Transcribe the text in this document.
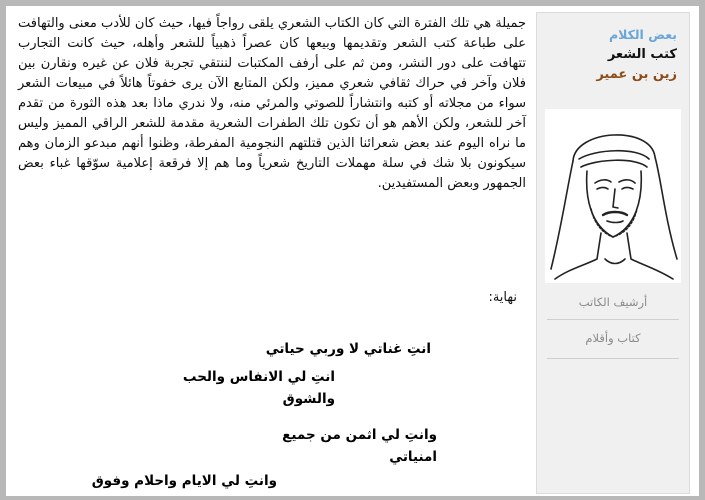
جميلة هي تلك الفترة التي كان الكتاب الشعري يلقى رواجاً فيها، حيث كان للأدب معنى والتهافت على طباعة كتب الشعر وتقديمها وبيعها كان عصراً ذهبياً للشعر وأهله، حيث كانت التجارب تتهافت على دور النشر، ومن ثم على أرفف المكتبات لننتقي تجربة فلان عن غيره ونقارن بين فلان وآخر في حراك ثقافي شعري مميز، ولكن المتابع الآن يرى خفوتاً هائلاً في مبيعات الشعر سواء من مجلاته أو كتبه وانتشاراً للصوتي والمرئي منه، ولا ندري ماذا بعد هذه الثورة من تقدم آخر للشعر، ولكن الأهم هو أن تكون تلك الطفرات الشعرية مقدمة للشعر الراقي المميز وليس ما نراه اليوم عند بعض شعرائنا الذين قتلتهم النجومية المفرطة، وظنوا أنهم مبدعو الزمان وهم سيكونون بلا شك في سلة مهملات التاريخ شعرياً وما هم إلا فرقعة إعلامية سوّقها غباء بعض الجمهور وبعض المستفيدين.

نهاية:
انتِ غناتي لا وربي حياتي
انتِ لي الانفاس والحب
والشوق
وانتِ لي اثمن من جميع
امنياتي
وانتِ لي الايام واحلام وفوق
بعض الكلام
كتب الشعر
زين بن عمير
أرشيف الكاتب
كتاب وأقلام
